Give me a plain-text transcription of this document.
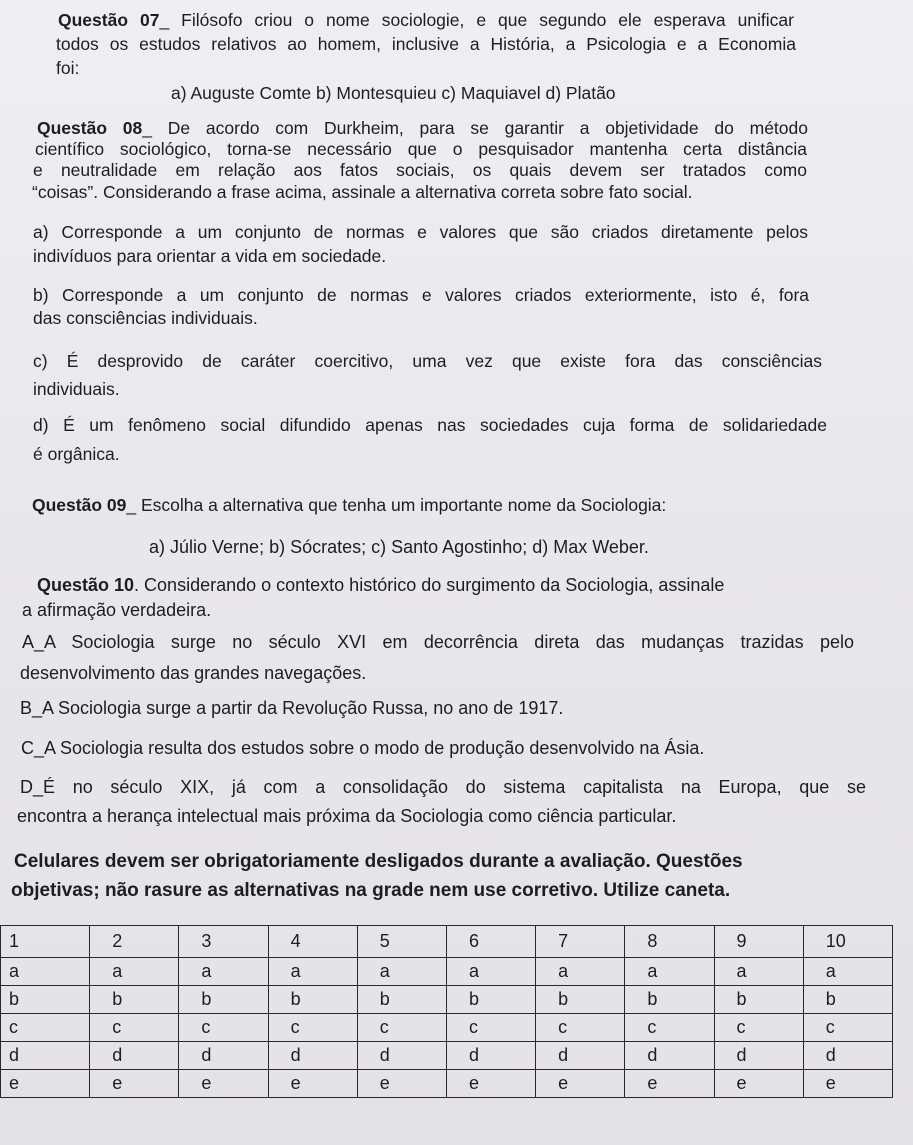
Questão 07_ Filósofo criou o nome sociologie, e que segundo ele esperava unificar
todos os estudos relativos ao homem, inclusive a História, a Psicologia e a Economia
foi:
a) Auguste Comte b) Montesquieu c) Maquiavel d) Platão
Questão 08_ De acordo com Durkheim, para se garantir a objetividade do método
científico sociológico, torna-se necessário que o pesquisador mantenha certa distância
e neutralidade em relação aos fatos sociais, os quais devem ser tratados como
“coisas”. Considerando a frase acima, assinale a alternativa correta sobre fato social.
a) Corresponde a um conjunto de normas e valores que são criados diretamente pelos
indivíduos para orientar a vida em sociedade.
b) Corresponde a um conjunto de normas e valores criados exteriormente, isto é, fora
das consciências individuais.
c) É desprovido de caráter coercitivo, uma vez que existe fora das consciências
individuais.
d) É um fenômeno social difundido apenas nas sociedades cuja forma de solidariedade
é orgânica.
Questão 09_ Escolha a alternativa que tenha um importante nome da Sociologia:
a) Júlio Verne; b) Sócrates; c) Santo Agostinho; d) Max Weber.
Questão 10. Considerando o contexto histórico do surgimento da Sociologia, assinale
a afirmação verdadeira.
A_A Sociologia surge no século XVI em decorrência direta das mudanças trazidas pelo
desenvolvimento das grandes navegações.
B_A Sociologia surge a partir da Revolução Russa, no ano de 1917.
C_A Sociologia resulta dos estudos sobre o modo de produção desenvolvido na Ásia.
D_É no século XIX, já com a consolidação do sistema capitalista na Europa, que se
encontra a herança intelectual mais próxima da Sociologia como ciência particular.
Celulares devem ser obrigatoriamente desligados durante a avaliação. Questões
objetivas; não rasure as alternativas na grade nem use corretivo. Utilize caneta.
1	2	3	4	5	6	7	8	9	10
a	a	a	a	a	a	a	a	a	a
b	b	b	b	b	b	b	b	b	b
c	c	c	c	c	c	c	c	c	c
d	d	d	d	d	d	d	d	d	d
e	e	e	e	e	e	e	e	e	e
